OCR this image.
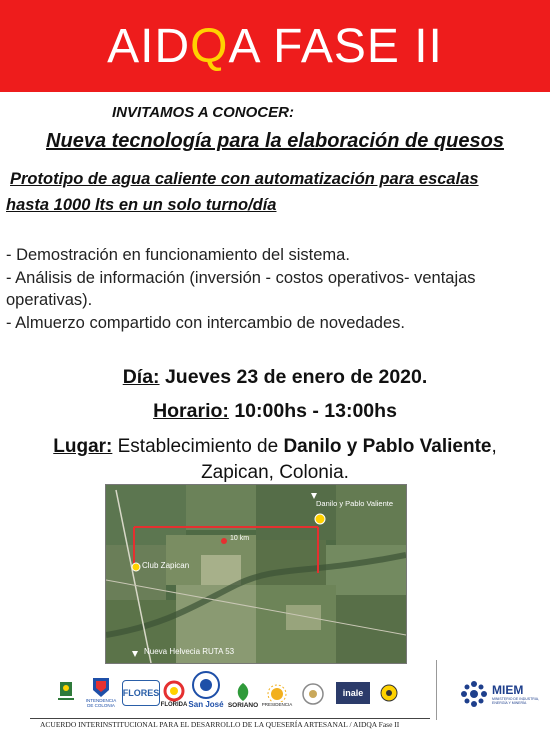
AIDQA FASE II
INVITAMOS A CONOCER:
Nueva tecnología para la elaboración de quesos
Prototipo de agua caliente con automatización para escalas
hasta 1000 lts en un solo turno/día
- Demostración en funcionamiento del sistema.
- Análisis de información (inversión - costos operativos- ventajas operativas).
- Almuerzo compartido con intercambio de novedades.
Día: Jueves 23 de enero de 2020.
Horario: 10:00hs - 13:00hs
Lugar: Establecimiento de Danilo y Pablo Valiente,
Zapican, Colonia.
Danilo y Pablo Valiente
Club Zapican
10 km
Nueva Helvecia RUTA 53
INTENDENCIA DE COLONIA
FLORES
FLORIDA San José SORIANO PRESIDENCIA
inale	MIEM
MINISTERIO DE INDUSTRIA, ENERGÍA Y MINERÍA
ACUERDO INTERINSTITUCIONAL PARA EL DESARROLLO DE LA QUESERÍA ARTESANAL / AIDQA Fase II
